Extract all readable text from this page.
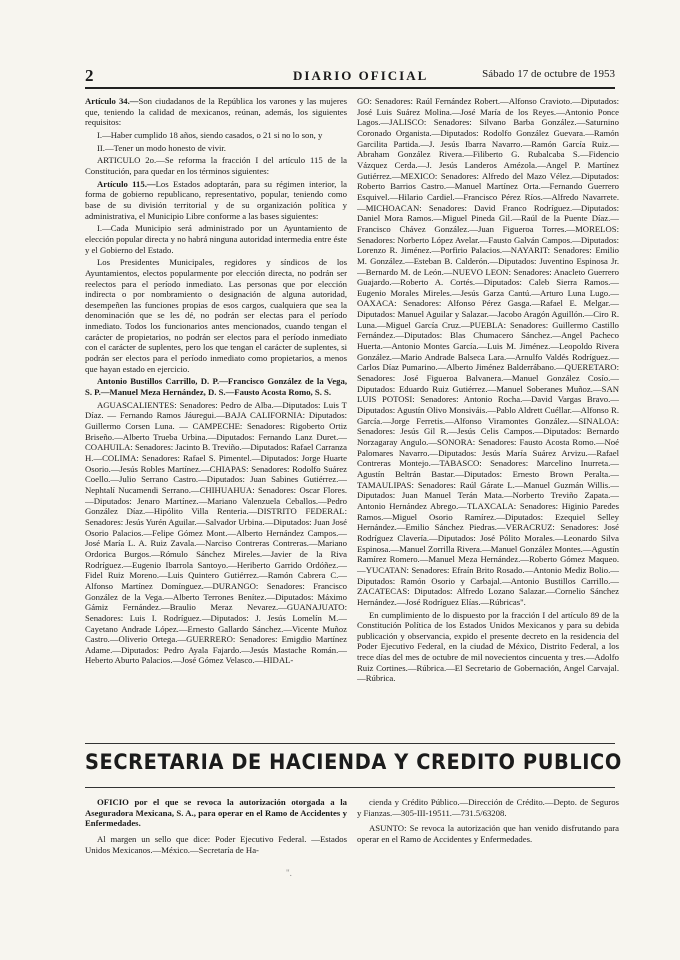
2	DIARIO OFICIAL	Sábado 17 de octubre de 1953

Artículo 34.—Son ciudadanos de la República los varones y las mujeres que, teniendo la calidad de mexicanos, reúnan, además, los siguientes requisitos:

I.—Haber cumplido 18 años, siendo casados, o 21 si no lo son, y

II.—Tener un modo honesto de vivir.

ARTICULO 2o.—Se reforma la fracción I del artículo 115 de la Constitución, para quedar en los términos siguientes:

Artículo 115.—Los Estados adoptarán, para su régimen interior, la forma de gobierno republicano, representativo, popular, teniendo como base de su división territorial y de su organización política y administrativa, el Municipio Libre conforme a las bases siguientes:

I.—Cada Municipio será administrado por un Ayuntamiento de elección popular directa y no habrá ninguna autoridad intermedia entre éste y el Gobierno del Estado.

Los Presidentes Municipales, regidores y síndicos de los Ayuntamientos, electos popularmente por elección directa, no podrán ser reelectos para el período inmediato. Las personas que por elección indirecta o por nombramiento o designación de alguna autoridad, desempeñen las funciones propias de esos cargos, cualquiera que sea la denominación que se les dé, no podrán ser electas para el período inmediato. Todos los funcionarios antes mencionados, cuando tengan el carácter de propietarios, no podrán ser electos para el período inmediato con el carácter de suplentes, pero los que tengan el carácter de suplentes, si podrán ser electos para el período inmediato como propietarios, a menos que hayan estado en ejercicio.

Antonio Bustillos Carrillo, D. P.—Francisco González de la Vega, S. P.—Manuel Meza Hernández, D. S.—Fausto Acosta Romo, S. S.

AGUASCALIENTES: Senadores: Pedro de Alba.—Diputados: Luis T Díaz. — Fernando Ramos Jáuregui.—BAJA CALIFORNIA: Diputados: Guillermo Corsen Luna. — CAMPECHE: Senadores: Rigoberto Ortiz Briseño.—Alberto Trueba Urbina.—Diputados: Fernando Lanz Duret.—COAHUILA: Senadores: Jacinto B. Treviño.—Diputados: Rafael Carranza H.—COLIMA: Senadores: Rafael S. Pimentel.—Diputados: Jorge Huarte Osorio.—Jesús Robles Martínez.—CHIAPAS: Senadores: Rodolfo Suárez Coello.—Julio Serrano Castro.—Diputados: Juan Sabines Gutiérrez.—Nephtalí Nucamendi Serrano.—CHIHUAHUA: Senadores: Oscar Flores.—Diputados: Jenaro Martínez.—Mariano Valenzuela Ceballos.—Pedro González Díaz.—Hipólito Villa Renteria.—DISTRITO FEDERAL: Senadores: Jesús Yurén Aguilar.—Salvador Urbina.—Diputados: Juan José Osorio Palacios.—Felipe Gómez Mont.—Alberto Hernández Campos.—José María L. A. Ruiz Zavala.—Narciso Contreras Contreras.—Mariano Ordorica Burgos.—Rómulo Sánchez Mireles.—Javier de la Riva Rodríguez.—Eugenio Ibarrola Santoyo.—Heriberto Garrido Ordóñez.—Fidel Ruiz Moreno.—Luis Quintero Gutiérrez.—Ramón Cabrera C.—Alfonso Martínez Domínguez.—DURANGO: Senadores: Francisco González de la Vega.—Alberto Terrones Benítez.—Diputados: Máximo Gámiz Fernández.—Braulio Meraz Nevarez.—GUANAJUATO: Senadores: Luis I. Rodríguez.—Diputados: J. Jesús Lomelín M.—Cayetano Andrade López.—Ernesto Gallardo Sánchez.—Vicente Muñoz Castro.—Oliverio Ortega.—GUERRERO: Senadores: Emigdio Martínez Adame.—Diputados: Pedro Ayala Fajardo.—Jesús Mastache Román.—Heberto Aburto Palacios.—José Gómez Velasco.—HIDAL-

GO: Senadores: Raúl Fernández Robert.—Alfonso Cravioto.—Diputados: José Luis Suárez Molina.—José María de los Reyes.—Antonio Ponce Lagos.—JALISCO: Senadores: Silvano Barba González.—Saturnino Coronado Organista.—Diputados: Rodolfo González Guevara.—Ramón Garcilita Partida.—J. Jesús Ibarra Navarro.—Ramón García Ruiz.—Abraham González Rivera.—Filiberto G. Rubalcaba S.—Fidencio Vázquez Cerda.—J. Jesús Landeros Amézola.—Angel P. Martínez Gutiérrez.—MEXICO: Senadores: Alfredo del Mazo Vélez.—Diputados: Roberto Barrios Castro.—Manuel Martínez Orta.—Fernando Guerrero Esquivel.—Hilario Cardiel.—Francisco Pérez Ríos.—Alfredo Navarrete.—MICHOACAN: Senadores: David Franco Rodríguez.—Diputados: Daniel Mora Ramos.—Miguel Pineda Gil.—Raúl de la Puente Díaz.—Francisco Chávez González.—Juan Figueroa Torres.—MORELOS: Senadores: Norberto López Avelar.—Fausto Galván Campos.—Diputados: Lorenzo R. Jiménez.—Porfirio Palacios.—NAYARIT: Senadores: Emilio M. González.—Esteban B. Calderón.—Diputados: Juventino Espinosa Jr.—Bernardo M. de León.—NUEVO LEON: Senadores: Anacleto Guerrero Guajardo.—Roberto A. Cortés.—Diputados: Caleb Sierra Ramos.—Eugenio Morales Mireles.—Jesús Garza Cantú.—Arturo Luna Lugo.—OAXACA: Senadores: Alfonso Pérez Gasga.—Rafael E. Melgar.—Diputados: Manuel Aguilar y Salazar.—Jacobo Aragón Aguillón.—Ciro R. Luna.—Miguel García Cruz.—PUEBLA: Senadores: Guillermo Castillo Fernández.—Diputados: Blas Chumacero Sánchez.—Angel Pacheco Huerta.—Antonio Montes García.—Luis M. Jiménez.—Leopoldo Rivera González.—Mario Andrade Balseca Lara.—Arnulfo Valdés Rodríguez.—Carlos Díaz Pumarino.—Alberto Jiménez Balderrábano.—QUERETARO: Senadores: José Figueroa Balvanera.—Manuel González Cosío.—Diputados: Eduardo Ruiz Gutiérrez.—Manuel Soberanes Muñoz.—SAN LUIS POTOSI: Senadores: Antonio Rocha.—David Vargas Bravo.—Diputados: Agustín Olivo Monsiváis.—Pablo Aldrett Cuéllar.—Alfonso R. García.—Jorge Ferretis.—Alfonso Viramontes González.—SINALOA: Senadores: Jesús Gil R.—Jesús Celis Campos.—Diputados: Bernardo Norzagaray Angulo.—SONORA: Senadores: Fausto Acosta Romo.—Noé Palomares Navarro.—Diputados: Jesús María Suárez Arvizu.—Rafael Contreras Montejo.—TABASCO: Senadores: Marcelino Inurreta.—Agustín Beltrán Bastar.—Diputados: Ernesto Brown Peralta.—TAMAULIPAS: Senadores: Raúl Gárate L.—Manuel Guzmán Willis.—Diputados: Juan Manuel Terán Mata.—Norberto Treviño Zapata.—Antonio Hernández Abrego.—TLAXCALA: Senadores: Higinio Paredes Ramos.—Miguel Osorio Ramírez.—Diputados: Ezequiel Selley Hernández.—Emilio Sánchez Piedras.—VERACRUZ: Senadores: José Rodríguez Clavería.—Diputados: José Pólito Morales.—Leonardo Silva Espinosa.—Manuel Zorrilla Rivera.—Manuel González Montes.—Agustín Ramírez Romero.—Manuel Meza Hernández.—Roberto Gómez Maqueo.—YUCATAN: Senadores: Efraín Brito Rosado.—Antonio Mediz Bolio.—Diputados: Ramón Osorio y Carbajal.—Antonio Bustillos Carrillo.—ZACATECAS: Diputados: Alfredo Lozano Salazar.—Cornelio Sánchez Hernández.—José Rodríguez Elías.—Rúbricas".

En cumplimiento de lo dispuesto por la fracción I del artículo 89 de la Constitución Política de los Estados Unidos Mexicanos y para su debida publicación y observancia, expido el presente decreto en la residencia del Poder Ejecutivo Federal, en la ciudad de México, Distrito Federal, a los trece días del mes de octubre de mil novecientos cincuenta y tres.—Adolfo Ruiz Cortines.—Rúbrica.—El Secretario de Gobernación, Angel Carvajal.—Rúbrica.

SECRETARIA DE HACIENDA Y CREDITO PUBLICO

OFICIO por el que se revoca la autorización otorgada a la Aseguradora Mexicana, S. A., para operar en el Ramo de Accidentes y Enfermedades.

Al margen un sello que dice: Poder Ejecutivo Federal. —Estados Unidos Mexicanos.—México.—Secretaría de Ha-

cienda y Crédito Público.—Dirección de Crédito.—Depto. de Seguros y Fianzas.—305-III-19511.—731.5/63208.

ASUNTO: Se revoca la autorización que han venido disfrutando para operar en el Ramo de Accidentes y Enfermedades.

".
